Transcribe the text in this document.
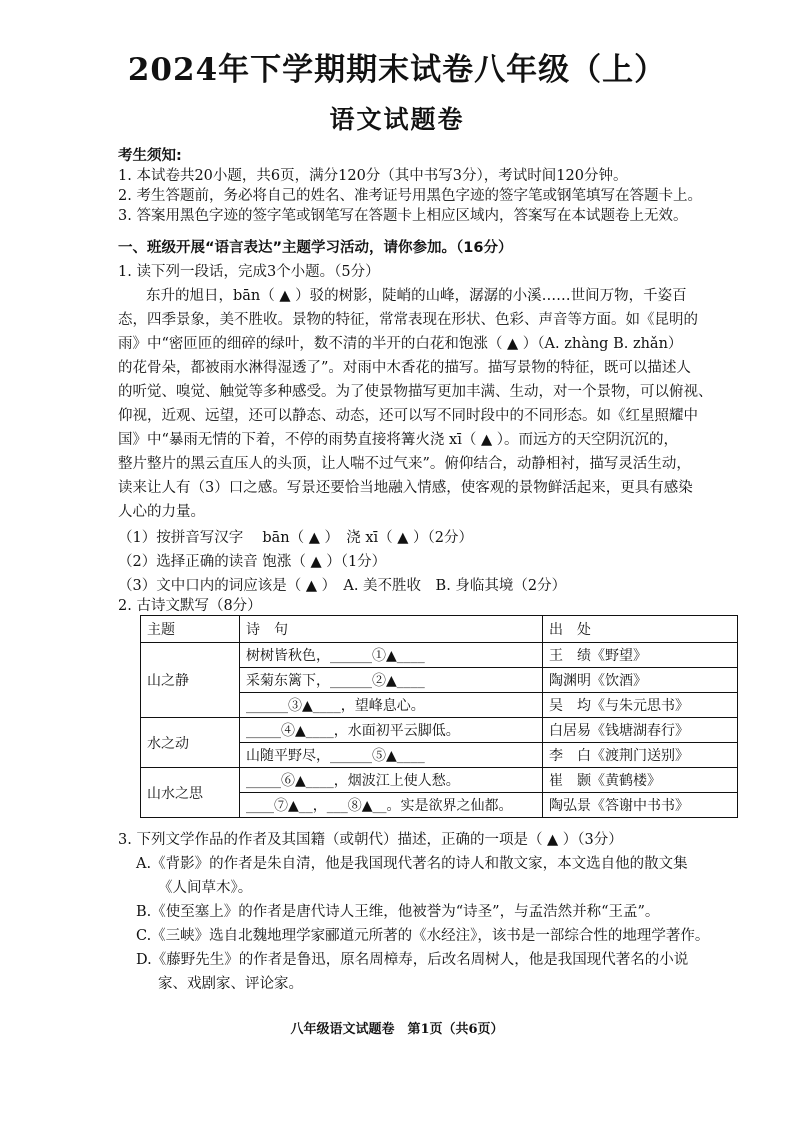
2024年下学期期末试卷八年级（上）
语文试题卷
考生须知:
1. 本试卷共20小题，共6页，满分120分（其中书写3分），考试时间120分钟。
2. 考生答题前，务必将自己的姓名、准考证号用黑色字迹的签字笔或钢笔填写在答题卡上。
3. 答案用黑色字迹的签字笔或钢笔写在答题卡上相应区域内，答案写在本试题卷上无效。
一、班级开展“语言表达”主题学习活动，请你参加。（16分）
1. 读下列一段话，完成3个小题。（5分）
东升的旭日，bān（ ▲ ）驳的树影，陡峭的山峰，潺潺的小溪……世间万物，千姿百
态，四季景象，美不胜收。景物的特征，常常表现在形状、色彩、声音等方面。如《昆明的
雨》中“密匝匝的细碎的绿叶，数不清的半开的白花和饱涨（ ▲ ）（A. zhàng B. zhǎn）
的花骨朵，都被雨水淋得湿透了”。对雨中木香花的描写。描写景物的特征，既可以描述人
的听觉、嗅觉、触觉等多种感受。为了使景物描写更加丰满、生动，对一个景物，可以俯视、
仰视，近观、远望，还可以静态、动态，还可以写不同时段中的不同形态。如《红星照耀中
国》中“暴雨无情的下着，不停的雨势直接将篝火浇 xī（ ▲ ）。而远方的天空阴沉沉的，
整片整片的黑云直压人的头顶，让人喘不过气来”。俯仰结合，动静相衬，描写灵活生动，
读来让人有（3）口之感。写景还要恰当地融入情感，使客观的景物鲜活起来，更具有感染
人心的力量。
（1）按拼音写汉字　 bān（ ▲ ）　浇 xī（ ▲ ）（2分）
（2）选择正确的读音 饱涨（ ▲ ）（1分）
（3）文中口内的词应该是（ ▲ ）　A. 美不胜收　B. 身临其境（2分）
2. 古诗文默写（8分）
主题	诗　句	出　处
山之静	树树皆秋色，______①▲____	王　绩《野望》
	采菊东篱下，______②▲____	陶渊明《饮酒》
	______③▲____，望峰息心。	吴　均《与朱元思书》
水之动	_____④▲____，水面初平云脚低。	白居易《钱塘湖春行》
	山随平野尽，______⑤▲____	李　白《渡荆门送别》
山水之思	_____⑥▲____，烟波江上使人愁。	崔　颢《黄鹤楼》
	____⑦▲__，___⑧▲__。实是欲界之仙都。	陶弘景《答谢中书书》
3. 下列文学作品的作者及其国籍（或朝代）描述，正确的一项是（ ▲ ）（3分）
A.《背影》的作者是朱自清，他是我国现代著名的诗人和散文家，本文选自他的散文集
《人间草木》。
B.《使至塞上》的作者是唐代诗人王维，他被誉为“诗圣”，与孟浩然并称“王孟”。
C.《三峡》选自北魏地理学家郦道元所著的《水经注》，该书是一部综合性的地理学著作。
D.《藤野先生》的作者是鲁迅，原名周樟寿，后改名周树人，他是我国现代著名的小说
家、戏剧家、评论家。
八年级语文试题卷　第1页（共6页）
